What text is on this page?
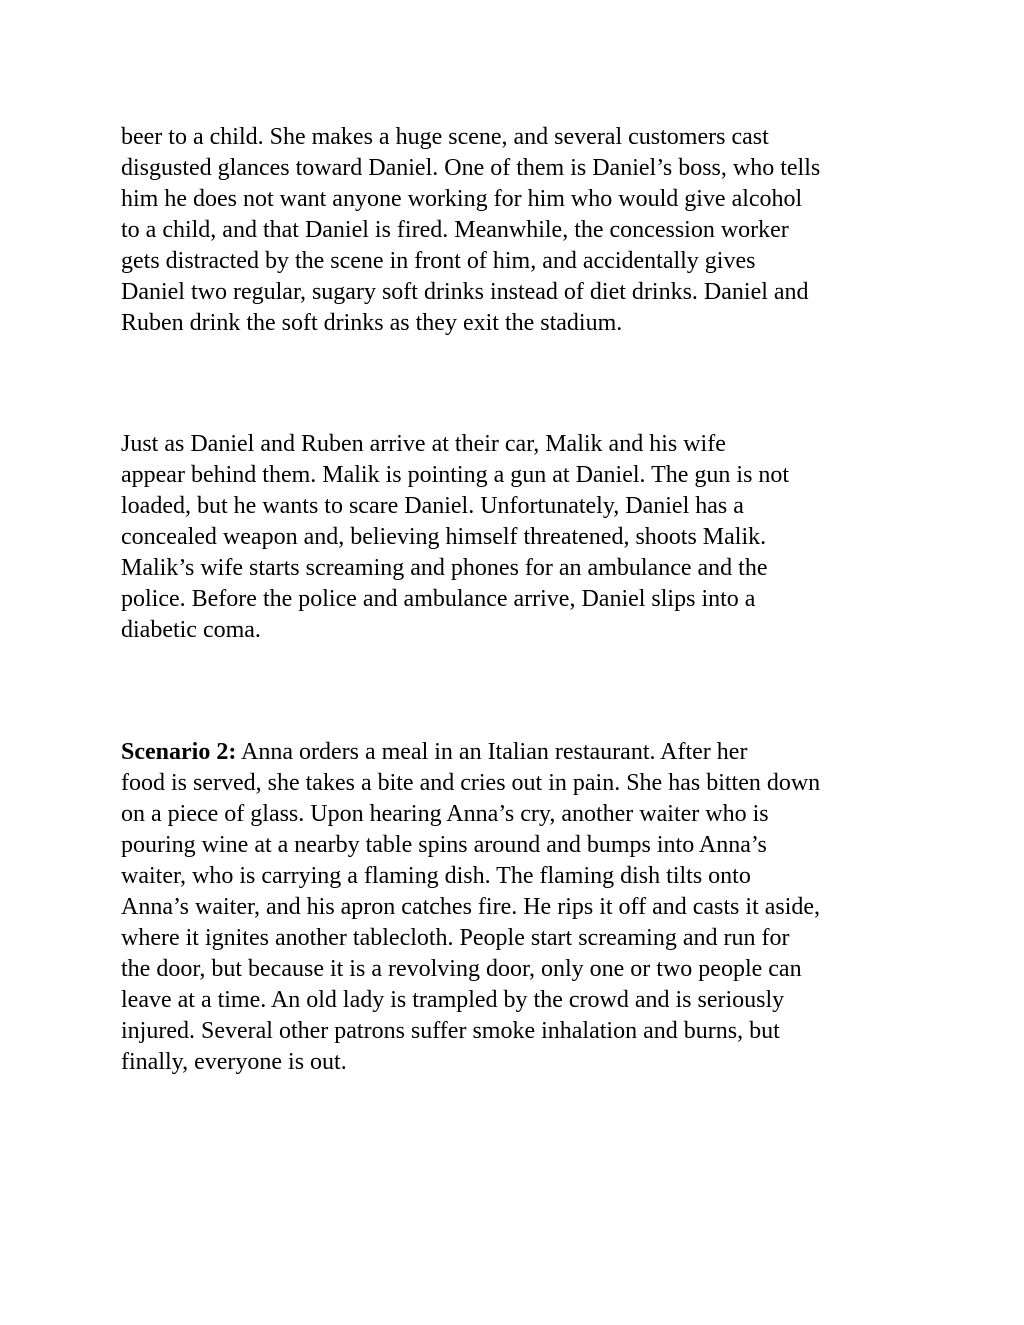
beer to a child. She makes a huge scene, and several customers cast
disgusted glances toward Daniel. One of them is Daniel’s boss, who tells
him he does not want anyone working for him who would give alcohol
to a child, and that Daniel is fired. Meanwhile, the concession worker
gets distracted by the scene in front of him, and accidentally gives
Daniel two regular, sugary soft drinks instead of diet drinks. Daniel and
Ruben drink the soft drinks as they exit the stadium.

Just as Daniel and Ruben arrive at their car, Malik and his wife
appear behind them. Malik is pointing a gun at Daniel. The gun is not
loaded, but he wants to scare Daniel. Unfortunately, Daniel has a
concealed weapon and, believing himself threatened, shoots Malik.
Malik’s wife starts screaming and phones for an ambulance and the
police. Before the police and ambulance arrive, Daniel slips into a
diabetic coma.

Scenario 2: Anna orders a meal in an Italian restaurant. After her
food is served, she takes a bite and cries out in pain. She has bitten down
on a piece of glass. Upon hearing Anna’s cry, another waiter who is
pouring wine at a nearby table spins around and bumps into Anna’s
waiter, who is carrying a flaming dish. The flaming dish tilts onto
Anna’s waiter, and his apron catches fire. He rips it off and casts it aside,
where it ignites another tablecloth. People start screaming and run for
the door, but because it is a revolving door, only one or two people can
leave at a time. An old lady is trampled by the crowd and is seriously
injured. Several other patrons suffer smoke inhalation and burns, but
finally, everyone is out.
